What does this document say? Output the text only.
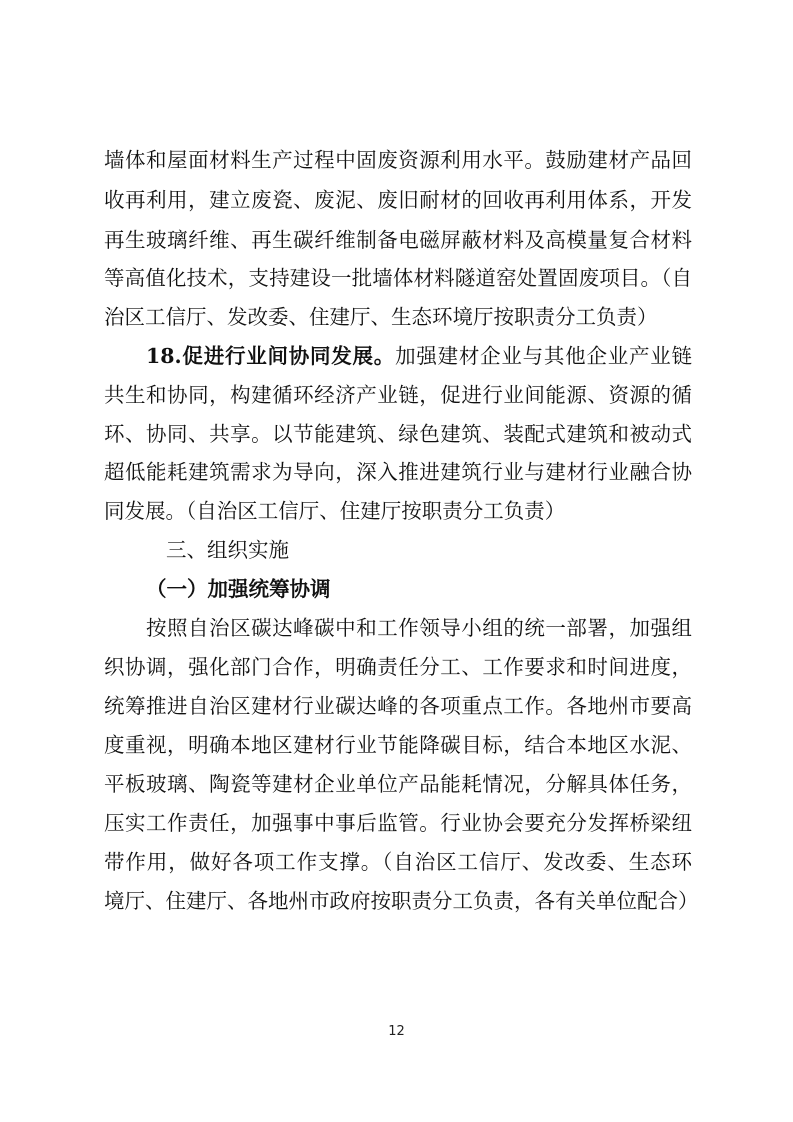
墙体和屋面材料生产过程中固废资源利用水平。鼓励建材产品回
收再利用，建立废瓷、废泥、废旧耐材的回收再利用体系，开发
再生玻璃纤维、再生碳纤维制备电磁屏蔽材料及高模量复合材料
等高值化技术，支持建设一批墙体材料隧道窑处置固废项目。（自
治区工信厅、发改委、住建厅、生态环境厅按职责分工负责）
18.促进行业间协同发展。加强建材企业与其他企业产业链
共生和协同，构建循环经济产业链，促进行业间能源、资源的循
环、协同、共享。以节能建筑、绿色建筑、装配式建筑和被动式
超低能耗建筑需求为导向，深入推进建筑行业与建材行业融合协
同发展。（自治区工信厅、住建厅按职责分工负责）
三、组织实施
（一）加强统筹协调
按照自治区碳达峰碳中和工作领导小组的统一部署，加强组
织协调，强化部门合作，明确责任分工、工作要求和时间进度，
统筹推进自治区建材行业碳达峰的各项重点工作。各地州市要高
度重视，明确本地区建材行业节能降碳目标，结合本地区水泥、
平板玻璃、陶瓷等建材企业单位产品能耗情况，分解具体任务，
压实工作责任，加强事中事后监管。行业协会要充分发挥桥梁纽
带作用，做好各项工作支撑。（自治区工信厅、发改委、生态环
境厅、住建厅、各地州市政府按职责分工负责，各有关单位配合）
12
